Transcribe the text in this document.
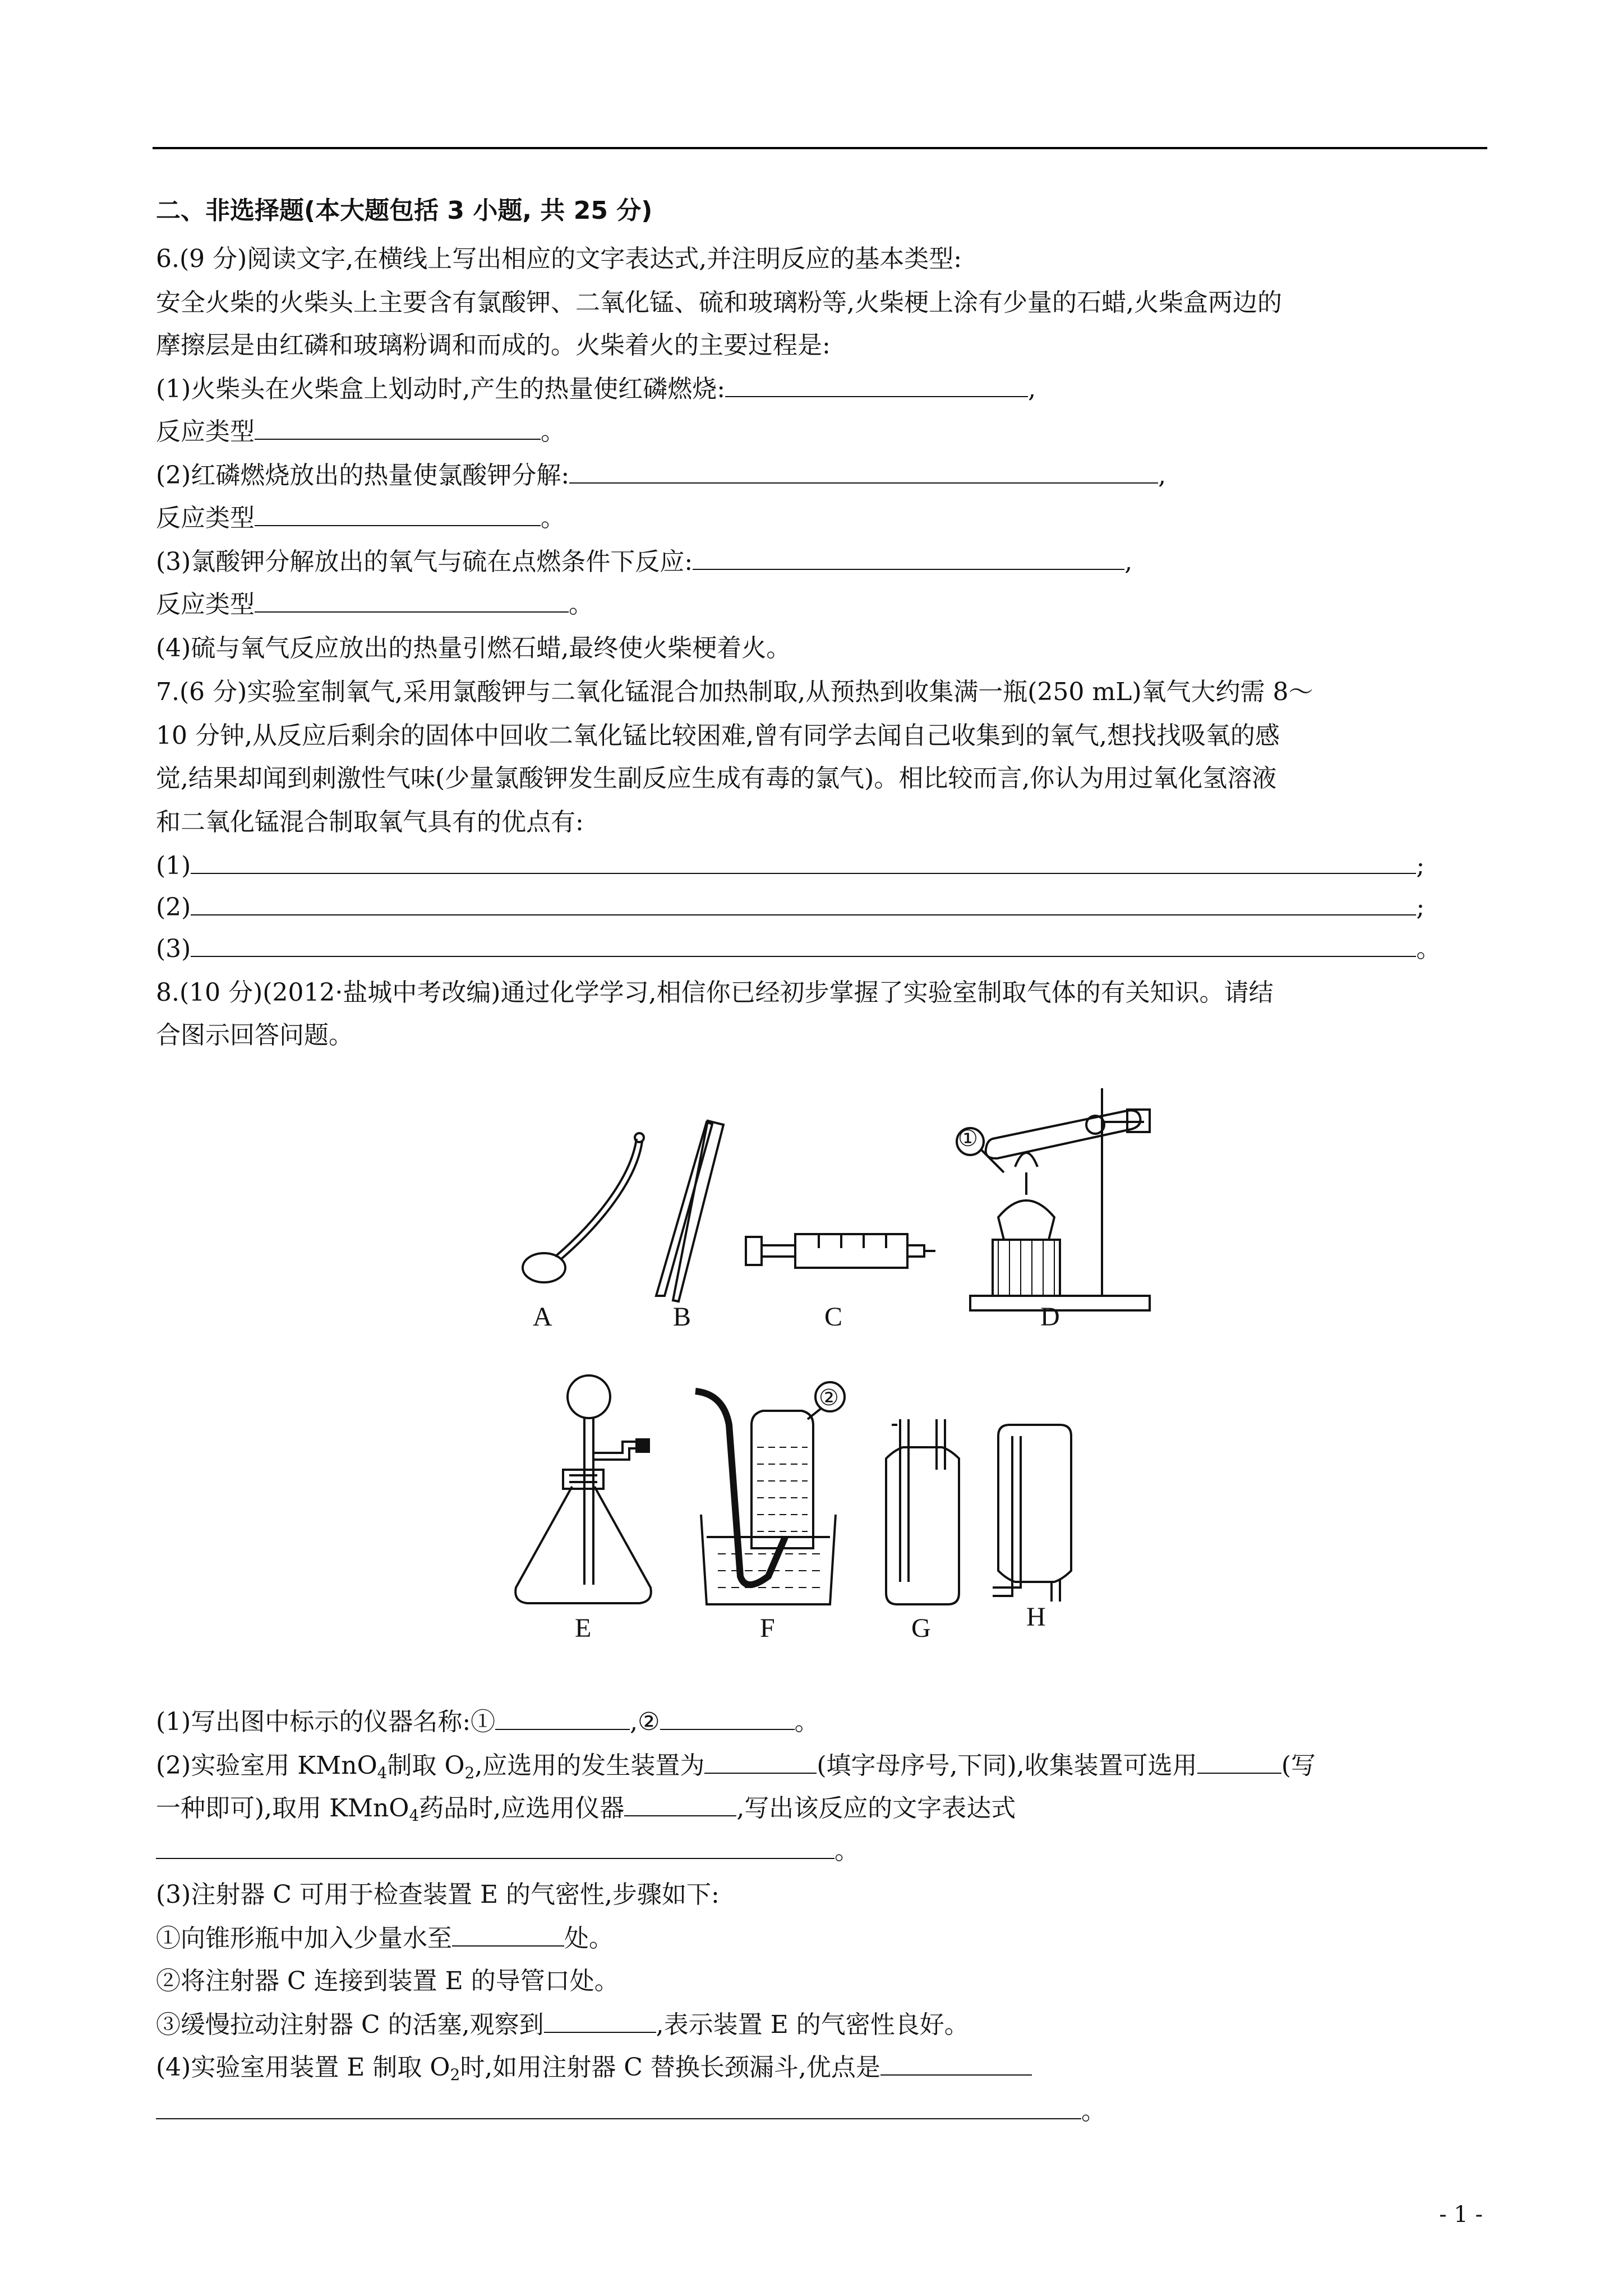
二、非选择题(本大题包括 3 小题, 共 25 分)
6.(9 分)阅读文字,在横线上写出相应的文字表达式,并注明反应的基本类型:
安全火柴的火柴头上主要含有氯酸钾、二氧化锰、硫和玻璃粉等,火柴梗上涂有少量的石蜡,火柴盒两边的
摩擦层是由红磷和玻璃粉调和而成的。火柴着火的主要过程是:
(1)火柴头在火柴盒上划动时,产生的热量使红磷燃烧:	,
反应类型	。
(2)红磷燃烧放出的热量使氯酸钾分解:	,
反应类型	。
(3)氯酸钾分解放出的氧气与硫在点燃条件下反应:	,
反应类型	。
(4)硫与氧气反应放出的热量引燃石蜡,最终使火柴梗着火。
7.(6 分)实验室制氧气,采用氯酸钾与二氧化锰混合加热制取,从预热到收集满一瓶(250 mL)氧气大约需 8～
10 分钟,从反应后剩余的固体中回收二氧化锰比较困难,曾有同学去闻自己收集到的氧气,想找找吸氧的感
觉,结果却闻到刺激性气味(少量氯酸钾发生副反应生成有毒的氯气)。相比较而言,你认为用过氧化氢溶液
和二氧化锰混合制取氧气具有的优点有:
(1)	;
(2)	;
(3)	。
8.(10 分)(2012·盐城中考改编)通过化学学习,相信你已经初步掌握了实验室制取气体的有关知识。请结
合图示回答问题。
A	B	C	D
E	F	G	H
①
②
(1)写出图中标示的仪器名称:①	,②	。
(2)实验室用 KMnO$_4$制取 $O_2$,应选用的发生装置为	(填字母序号,下同),收集装置可选用	(写
一种即可),取用 KMnO$_4$药品时,应选用仪器	,写出该反应的文字表达式
。
(3)注射器 C 可用于检查装置 E 的气密性,步骤如下:
①向锥形瓶中加入少量水至	处。
②将注射器 C 连接到装置 E 的导管口处。
③缓慢拉动注射器 C 的活塞,观察到	,表示装置 E 的气密性良好。
(4)实验室用装置 E 制取 $O_2$时,如用注射器 C 替换长颈漏斗,优点是
。
- 1 -
